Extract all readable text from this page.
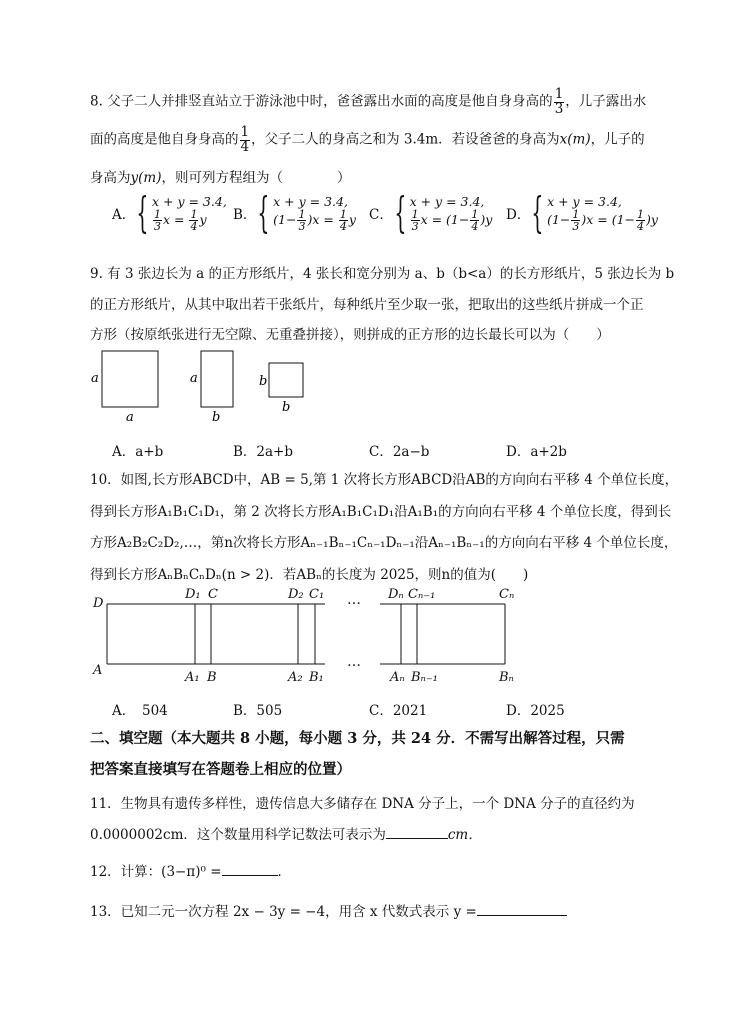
8. 父子二人并排竖直站立于游泳池中时，爸爸露出水面的高度是他自身身高的 $\frac{1}{3}$ ，儿子露出水
面的高度是他自身身高的 $\frac{1}{4}$ ，父子二人的身高之和为 3.4m．若设爸爸的身高为x(m)，儿子的
身高为y(m)，则可列方程组为（　　　　）
A． { x + y = 3.4,
$\frac{1}{3}$ $x = \frac{1}{4}$ y	B． { x + y = 3.4,
$(1- \frac{1}{3} )x = \frac{1}{4}$ y C． { x + y = 3.4,
$\frac{1}{3}$ $x = (1- \frac{1}{4} )y$ D． { x + y = 3.4,
$(1- \frac{1}{3} )x = (1- \frac{1}{4} )y$
9. 有 3 张边长为 a 的正方形纸片，4 张长和宽分别为 a、b（b<a）的长方形纸片，5 张边长为 b
的正方形纸片，从其中取出若干张纸片，每种纸片至少取一张，把取出的这些纸片拼成一个正
方形（按原纸张进行无空隙、无重叠拼接），则拼成的正方形的边长最长可以为（　　）
a
a
a
b
b
b
A．a+b	B．2a+b	C．2a−b	D．a+2b
10．如图,长方形ABCD中，AB = 5,第 1 次将长方形ABCD沿AB的方向向右平移 4 个单位长度，
得到长方形A₁B₁C₁D₁，第 2 次将长方形A₁B₁C₁D₁沿A₁B₁的方向向右平移 4 个单位长度，得到长
方形A₂B₂C₂D₂,…，第n次将长方形Aₙ₋₁Bₙ₋₁Cₙ₋₁Dₙ₋₁沿Aₙ₋₁Bₙ₋₁的方向向右平移 4 个单位长度，
得到长方形AₙBₙCₙDₙ(n > 2)．若ABₙ的长度为 2025，则n的值为(　　)
D
A
D₁ C
A₁ B
D₂ C₁
A₂ B₁
Dₙ Cₙ₋₁	Cₙ
Aₙ Bₙ₋₁	Bₙ
…
…
A．　504	B．505	C．2021	D．2025
二、填空题（本大题共 8 小题，每小题 3 分，共 24 分．不需写出解答过程，只需
把答案直接填写在答题卷上相应的位置）
11．生物具有遗传多样性，遗传信息大多储存在 DNA 分子上，一个 DNA 分子的直径约为
0.0000002cm．这个数量用科学记数法可表示为	cm．
12．计算：(3−π)⁰ =	．
13．已知二元一次方程 2x − 3y = −4，用含 x 代数式表示 y =
